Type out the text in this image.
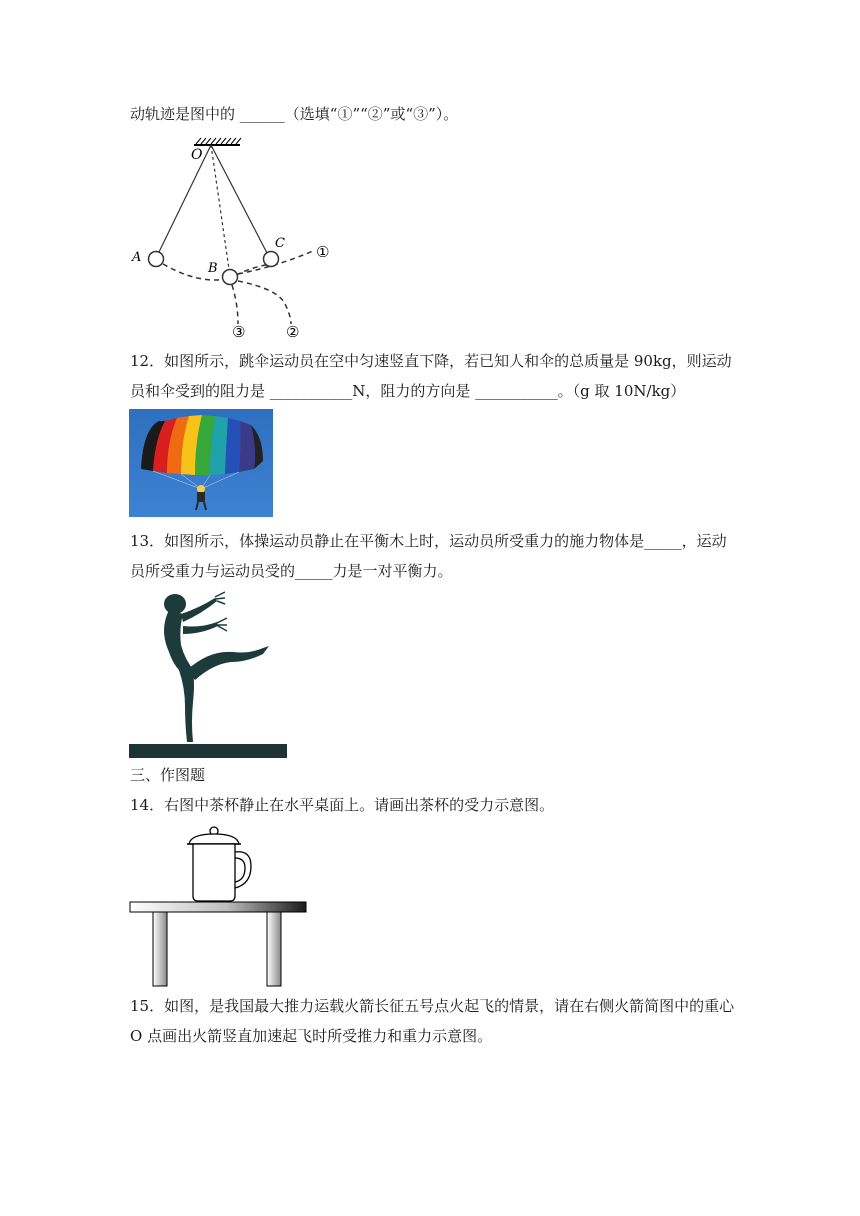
动轨迹是图中的 ______（选填“①”“②”或“③”）。
O
A
B
C ①
②
③
12．如图所示，跳伞运动员在空中匀速竖直下降，若已知人和伞的总质量是 90kg，则运动
员和伞受到的阻力是 ___________N，阻力的方向是 ___________。（g 取 10N/kg）
13．如图所示，体操运动员静止在平衡木上时，运动员所受重力的施力物体是_____，运动
员所受重力与运动员受的_____力是一对平衡力。
三、作图题
14．右图中茶杯静止在水平桌面上。请画出茶杯的受力示意图。
15．如图，是我国最大推力运载火箭长征五号点火起飞的情景，请在右侧火箭简图中的重心
O 点画出火箭竖直加速起飞时所受推力和重力示意图。
